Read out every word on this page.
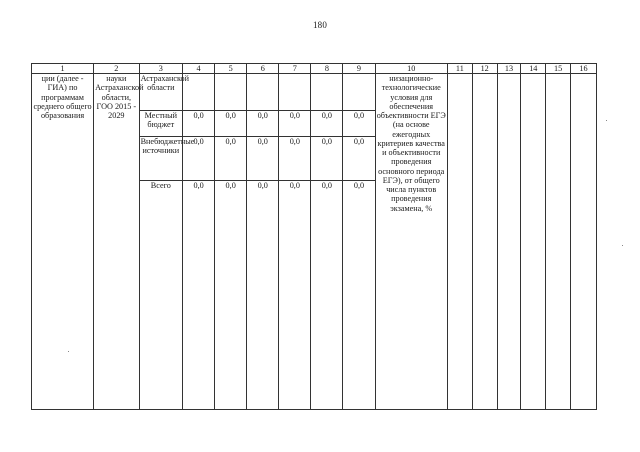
180
1	2	3	4	5	6	7	8	9	10	11	12	13	14	15	16
ции (далее - ГИА) по программам среднего общего образования	науки Астраханской области, ГОО 2015 - 2029	Астраханской области							низационно-технологические условия для обеспечения объективности ЕГЭ (на основе ежегодных критериев качества и объективности проведения основного периода ЕГЭ), от общего числа пунктов проведения экзамена, %						
		Местный бюджет	0,0	0,0	0,0	0,0	0,0	0,0							
		Внебюджетные источники	0,0	0,0	0,0	0,0	0,0	0,0							
		Всего	0,0	0,0	0,0	0,0	0,0	0,0							
